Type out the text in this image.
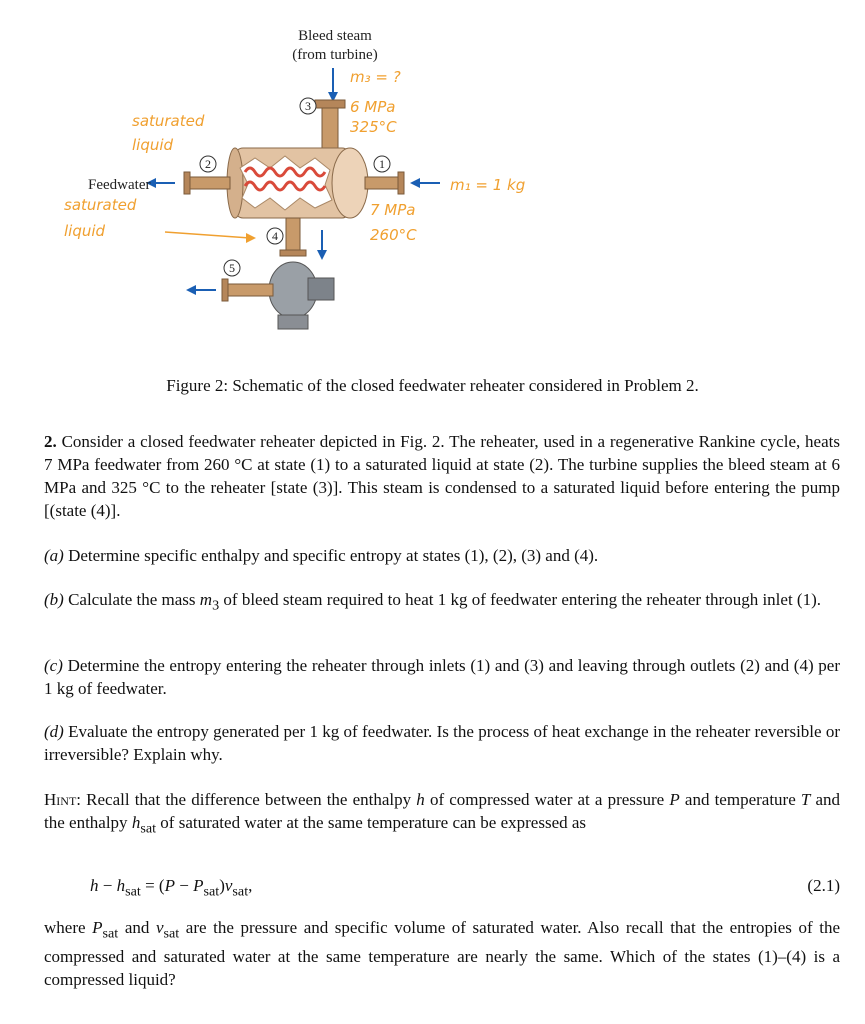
Bleed steam
(from turbine)
3
1
2
Feedwater
4
5
m₃ = ?
6 MPa
325°C
saturated
liquid
saturated
liquid
m₁ = 1 kg
7 MPa
260°C
Figure 2: Schematic of the closed feedwater reheater considered in Problem 2.
2. Consider a closed feedwater reheater depicted in Fig. 2. The reheater, used in a regenerative Rankine cycle, heats 7 MPa feedwater from 260 °C at state (1) to a saturated liquid at state (2). The turbine supplies the bleed steam at 6 MPa and 325 °C to the reheater [state (3)]. This steam is condensed to a saturated liquid before entering the pump [(state (4)].
(a) Determine specific enthalpy and specific entropy at states (1), (2), (3) and (4).
(b) Calculate the mass $m_3$ of bleed steam required to heat 1 kg of feedwater entering the reheater through inlet (1).
(c) Determine the entropy entering the reheater through inlets (1) and (3) and leaving through outlets (2) and (4) per 1 kg of feedwater.
(d) Evaluate the entropy generated per 1 kg of feedwater. Is the process of heat exchange in the reheater reversible or irreversible? Explain why.
Hint: Recall that the difference between the enthalpy h of compressed water at a pressure P and temperature T and the enthalpy $h_{sat}$ of saturated water at the same temperature can be expressed as
$h - h_{sat} = (P - P_{sat})v_{sat}$,	(2.1)
where $P_{sat}$ and $v_{sat}$ are the pressure and specific volume of saturated water. Also recall that the entropies of the compressed and saturated water at the same temperature are nearly the same. Which of the states (1)–(4) is a compressed liquid?
